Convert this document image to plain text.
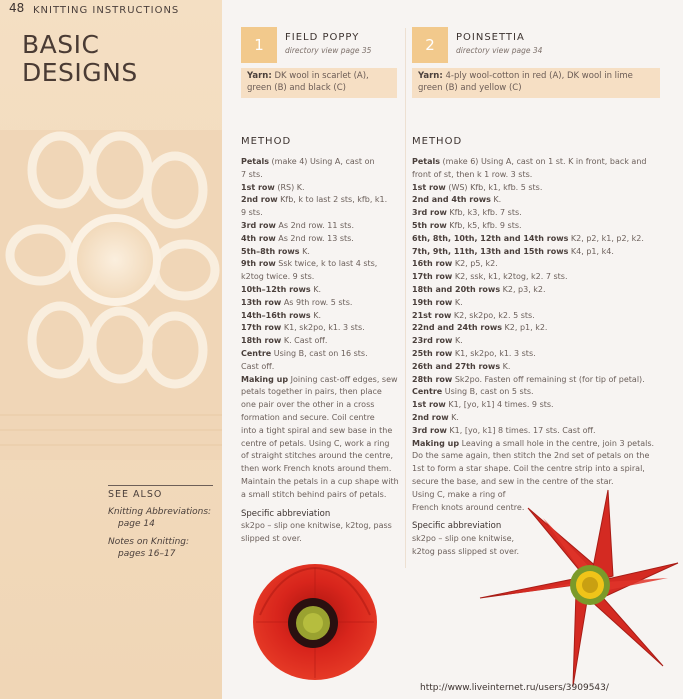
48 KNITTING INSTRUCTIONS
BASIC
DESIGNS
SEE ALSO
Knitting Abbreviations:
page 14
Notes on Knitting:
pages 16–17
1	FIELD POPPY
directory view page 35
Yarn: DK wool in scarlet (A),
green (B) and black (C)
METHOD
Petals (make 4) Using A, cast on
7 sts.
1st row (RS) K.
2nd row Kfb, k to last 2 sts, kfb, k1.
9 sts.
3rd row As 2nd row. 11 sts.
4th row As 2nd row. 13 sts.
5th–8th rows K.
9th row Ssk twice, k to last 4 sts,
k2tog twice. 9 sts.
10th–12th rows K.
13th row As 9th row. 5 sts.
14th–16th rows K.
17th row K1, sk2po, k1. 3 sts.
18th row K. Cast off.
Centre Using B, cast on 16 sts.
Cast off.
Making up Joining cast-off edges, sew
petals together in pairs, then place
one pair over the other in a cross
formation and secure. Coil centre
into a tight spiral and sew base in the
centre of petals. Using C, work a ring
of straight stitches around the centre,
then work French knots around them.
Maintain the petals in a cup shape with
a small stitch behind pairs of petals.
Specific abbreviation
sk2po – slip one knitwise, k2tog, pass
slipped st over.
2	POINSETTIA
directory view page 34
Yarn: 4-ply wool-cotton in red (A), DK wool in lime
green (B) and yellow (C)
METHOD
Petals (make 6) Using A, cast on 1 st. K in front, back and
front of st, then k 1 row. 3 sts.
1st row (WS) Kfb, k1, kfb. 5 sts.
2nd and 4th rows K.
3rd row Kfb, k3, kfb. 7 sts.
5th row Kfb, k5, kfb. 9 sts.
6th, 8th, 10th, 12th and 14th rows K2, p2, k1, p2, k2.
7th, 9th, 11th, 13th and 15th rows K4, p1, k4.
16th row K2, p5, k2.
17th row K2, ssk, k1, k2tog, k2. 7 sts.
18th and 20th rows K2, p3, k2.
19th row K.
21st row K2, sk2po, k2. 5 sts.
22nd and 24th rows K2, p1, k2.
23rd row K.
25th row K1, sk2po, k1. 3 sts.
26th and 27th rows K.
28th row Sk2po. Fasten off remaining st (for tip of petal).
Centre Using B, cast on 5 sts.
1st row K1, [yo, k1] 4 times. 9 sts.
2nd row K.
3rd row K1, [yo, k1] 8 times. 17 sts. Cast off.
Making up Leaving a small hole in the centre, join 3 petals.
Do the same again, then stitch the 2nd set of petals on the
1st to form a star shape. Coil the centre strip into a spiral,
secure the base, and sew in the centre of the star.
Using C, make a ring of
French knots around centre.
Specific abbreviation
sk2po – slip one knitwise,
k2tog pass slipped st over.
http://www.liveinternet.ru/users/3909543/
